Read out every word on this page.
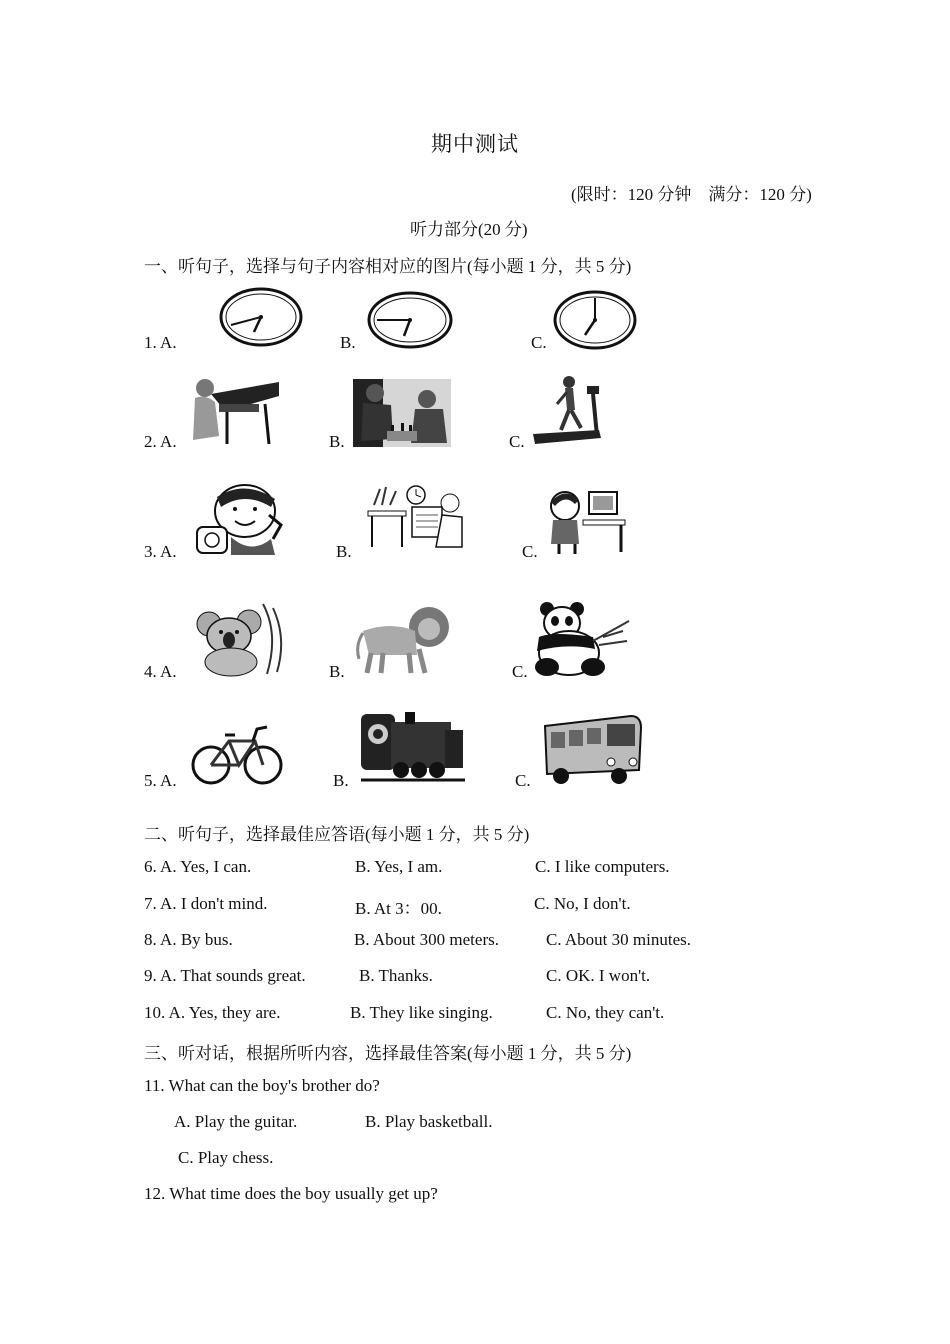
期中测试
(限时：120 分钟　满分：120 分)
听力部分(20 分)
一、听句子，选择与句子内容相对应的图片(每小题 1 分，共 5 分)
1. A.	B.	C.
2. A.	B.	C.
3. A.	B.	C.
4. A.	B.	C.
5. A.	B.	C.
二、听句子，选择最佳应答语(每小题 1 分，共 5 分)
6. A. Yes, I can.	B. Yes, I am.	C. I like computers.
7. A. I don't mind.	B. At 3：00.	C. No, I don't.
8. A. By bus.	B. About 300 meters.	C. About 30 minutes.
9. A. That sounds great.	B. Thanks.	C. OK. I won't.
10. A. Yes, they are.	B. They like singing.	C. No, they can't.
三、听对话，根据所听内容，选择最佳答案(每小题 1 分，共 5 分)
11. What can the boy's brother do?
A. Play the guitar.	B. Play basketball.
C. Play chess.
12. What time does the boy usually get up?
